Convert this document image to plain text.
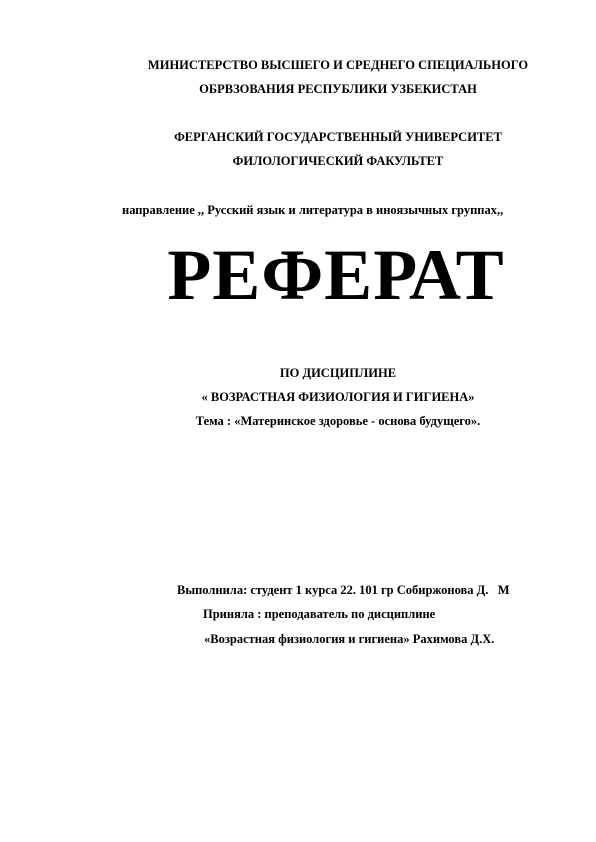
МИНИСТЕРСТВО ВЫСШЕГО И СРЕДНЕГО СПЕЦИАЛЬНОГО
ОБРВЗОВАНИЯ РЕСПУБЛИКИ УЗБЕКИСТАН
ФЕРГАНСКИЙ ГОСУДАРСТВЕННЫЙ УНИВЕРСИТЕТ
ФИЛОЛОГИЧЕСКИЙ ФАКУЛЬТЕТ
направление ,, Русский язык и литература в иноязычных группах,,
РЕФЕРАТ
ПО ДИСЦИПЛИНЕ
« ВОЗРАСТНАЯ ФИЗИОЛОГИЯ И ГИГИЕНА»
Тема : «Материнское здоровье - основа будущего».
Выполнила: студент 1 курса 22. 101 гр Собиржонова Д.   М
Приняла : преподаватель по дисциплине
«Возрастная физиология и гигиена» Рахимова Д.Х.
